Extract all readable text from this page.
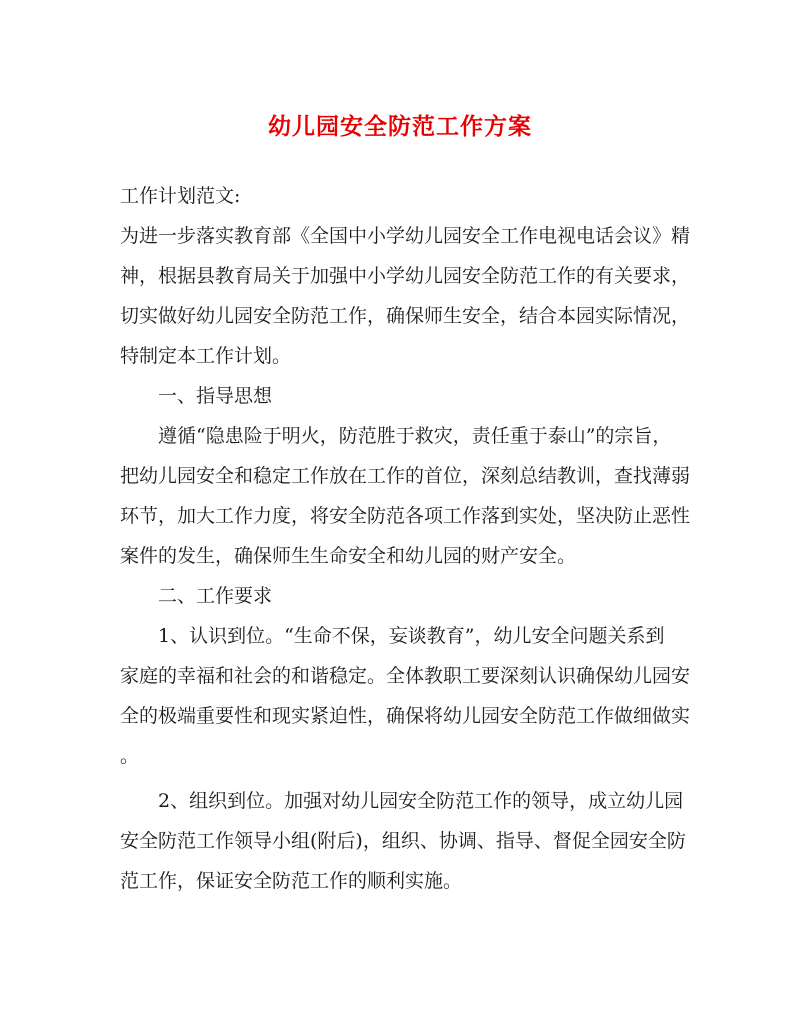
幼儿园安全防范工作方案
工作计划范文:
为进一步落实教育部《全国中小学幼儿园安全工作电视电话会议》精
神，根据县教育局关于加强中小学幼儿园安全防范工作的有关要求，
切实做好幼儿园安全防范工作，确保师生安全，结合本园实际情况，
特制定本工作计划。
一、指导思想
遵循“隐患险于明火，防范胜于救灾，责任重于泰山”的宗旨，
把幼儿园安全和稳定工作放在工作的首位，深刻总结教训，查找薄弱
环节，加大工作力度，将安全防范各项工作落到实处，坚决防止恶性
案件的发生，确保师生生命安全和幼儿园的财产安全。
二、工作要求
1、认识到位。“生命不保，妄谈教育”，幼儿安全问题关系到
家庭的幸福和社会的和谐稳定。全体教职工要深刻认识确保幼儿园安
全的极端重要性和现实紧迫性，确保将幼儿园安全防范工作做细做实
。
2、组织到位。加强对幼儿园安全防范工作的领导，成立幼儿园
安全防范工作领导小组(附后)，组织、协调、指导、督促全园安全防
范工作，保证安全防范工作的顺利实施。
